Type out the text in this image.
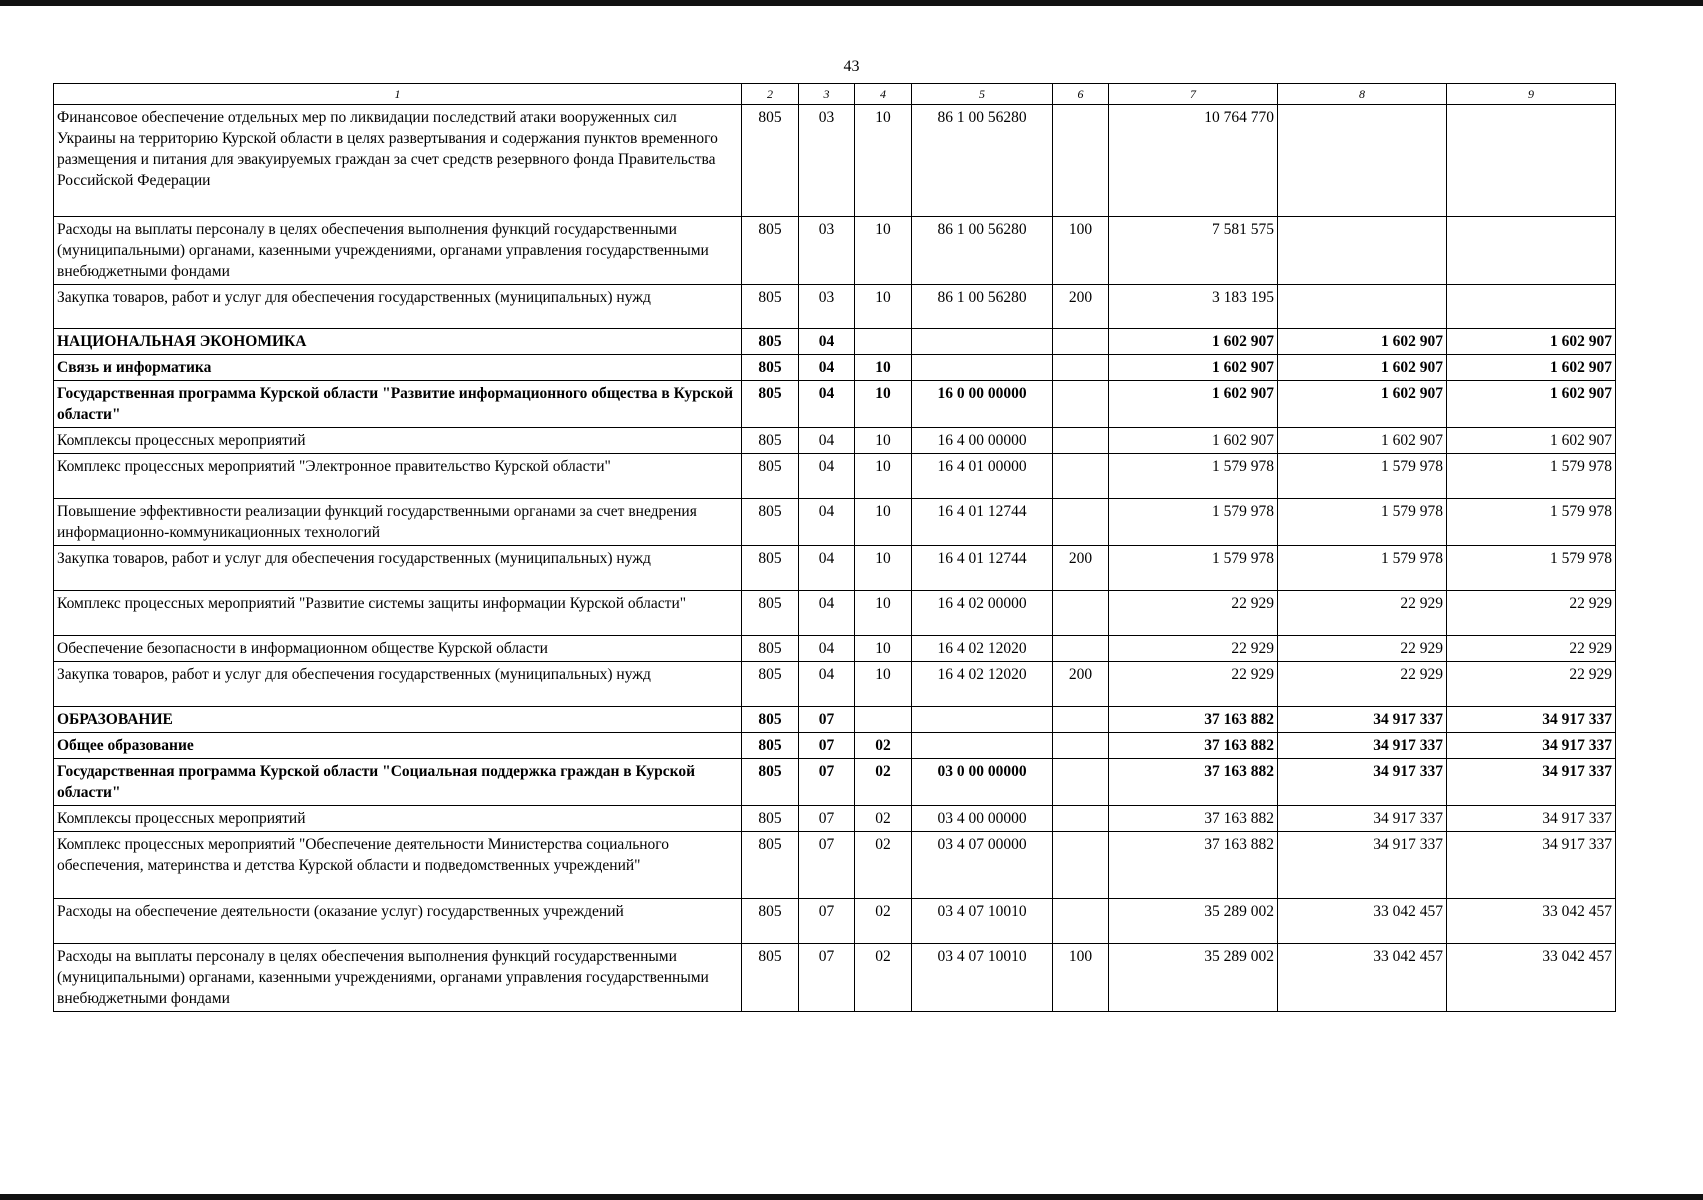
43
1	2	3	4	5	6	7	8	9
Финансовое обеспечение отдельных мер по ликвидации последствий атаки вооруженных сил Украины на территорию Курской области в целях развертывания и содержания пунктов временного размещения и питания для эвакуируемых граждан за счет средств резервного фонда Правительства Российской Федерации	805	03	10	86 1 00 56280		10 764 770		
Расходы на выплаты персоналу в целях обеспечения выполнения функций государственными (муниципальными) органами, казенными учреждениями, органами управления государственными внебюджетными фондами	805	03	10	86 1 00 56280	100	7 581 575		
Закупка товаров, работ и услуг для обеспечения государственных (муниципальных) нужд	805	03	10	86 1 00 56280	200	3 183 195		
НАЦИОНАЛЬНАЯ ЭКОНОМИКА	805	04				1 602 907	1 602 907	1 602 907
Связь и информатика	805	04	10			1 602 907	1 602 907	1 602 907
Государственная программа Курской области "Развитие информационного общества в Курской области"	805	04	10	16 0 00 00000		1 602 907	1 602 907	1 602 907
Комплексы процессных мероприятий	805	04	10	16 4 00 00000		1 602 907	1 602 907	1 602 907
Комплекс процессных мероприятий "Электронное правительство Курской области"	805	04	10	16 4 01 00000		1 579 978	1 579 978	1 579 978
Повышение эффективности реализации функций государственными органами за счет внедрения информационно-коммуникационных технологий	805	04	10	16 4 01 12744		1 579 978	1 579 978	1 579 978
Закупка товаров, работ и услуг для обеспечения государственных (муниципальных) нужд	805	04	10	16 4 01 12744	200	1 579 978	1 579 978	1 579 978
Комплекс процессных мероприятий "Развитие системы защиты информации Курской области"	805	04	10	16 4 02 00000		22 929	22 929	22 929
Обеспечение безопасности в информационном обществе Курской области	805	04	10	16 4 02 12020		22 929	22 929	22 929
Закупка товаров, работ и услуг для обеспечения государственных (муниципальных) нужд	805	04	10	16 4 02 12020	200	22 929	22 929	22 929
ОБРАЗОВАНИЕ	805	07				37 163 882	34 917 337	34 917 337
Общее образование	805	07	02			37 163 882	34 917 337	34 917 337
Государственная программа Курской области "Социальная поддержка граждан в Курской области"	805	07	02	03 0 00 00000		37 163 882	34 917 337	34 917 337
Комплексы процессных мероприятий	805	07	02	03 4 00 00000		37 163 882	34 917 337	34 917 337
Комплекс процессных мероприятий "Обеспечение деятельности Министерства социального обеспечения, материнства и детства Курской области и подведомственных учреждений"	805	07	02	03 4 07 00000		37 163 882	34 917 337	34 917 337
Расходы на обеспечение деятельности (оказание услуг) государственных учреждений	805	07	02	03 4 07 10010		35 289 002	33 042 457	33 042 457
Расходы на выплаты персоналу в целях обеспечения выполнения функций государственными (муниципальными) органами, казенными учреждениями, органами управления государственными внебюджетными фондами	805	07	02	03 4 07 10010	100	35 289 002	33 042 457	33 042 457
